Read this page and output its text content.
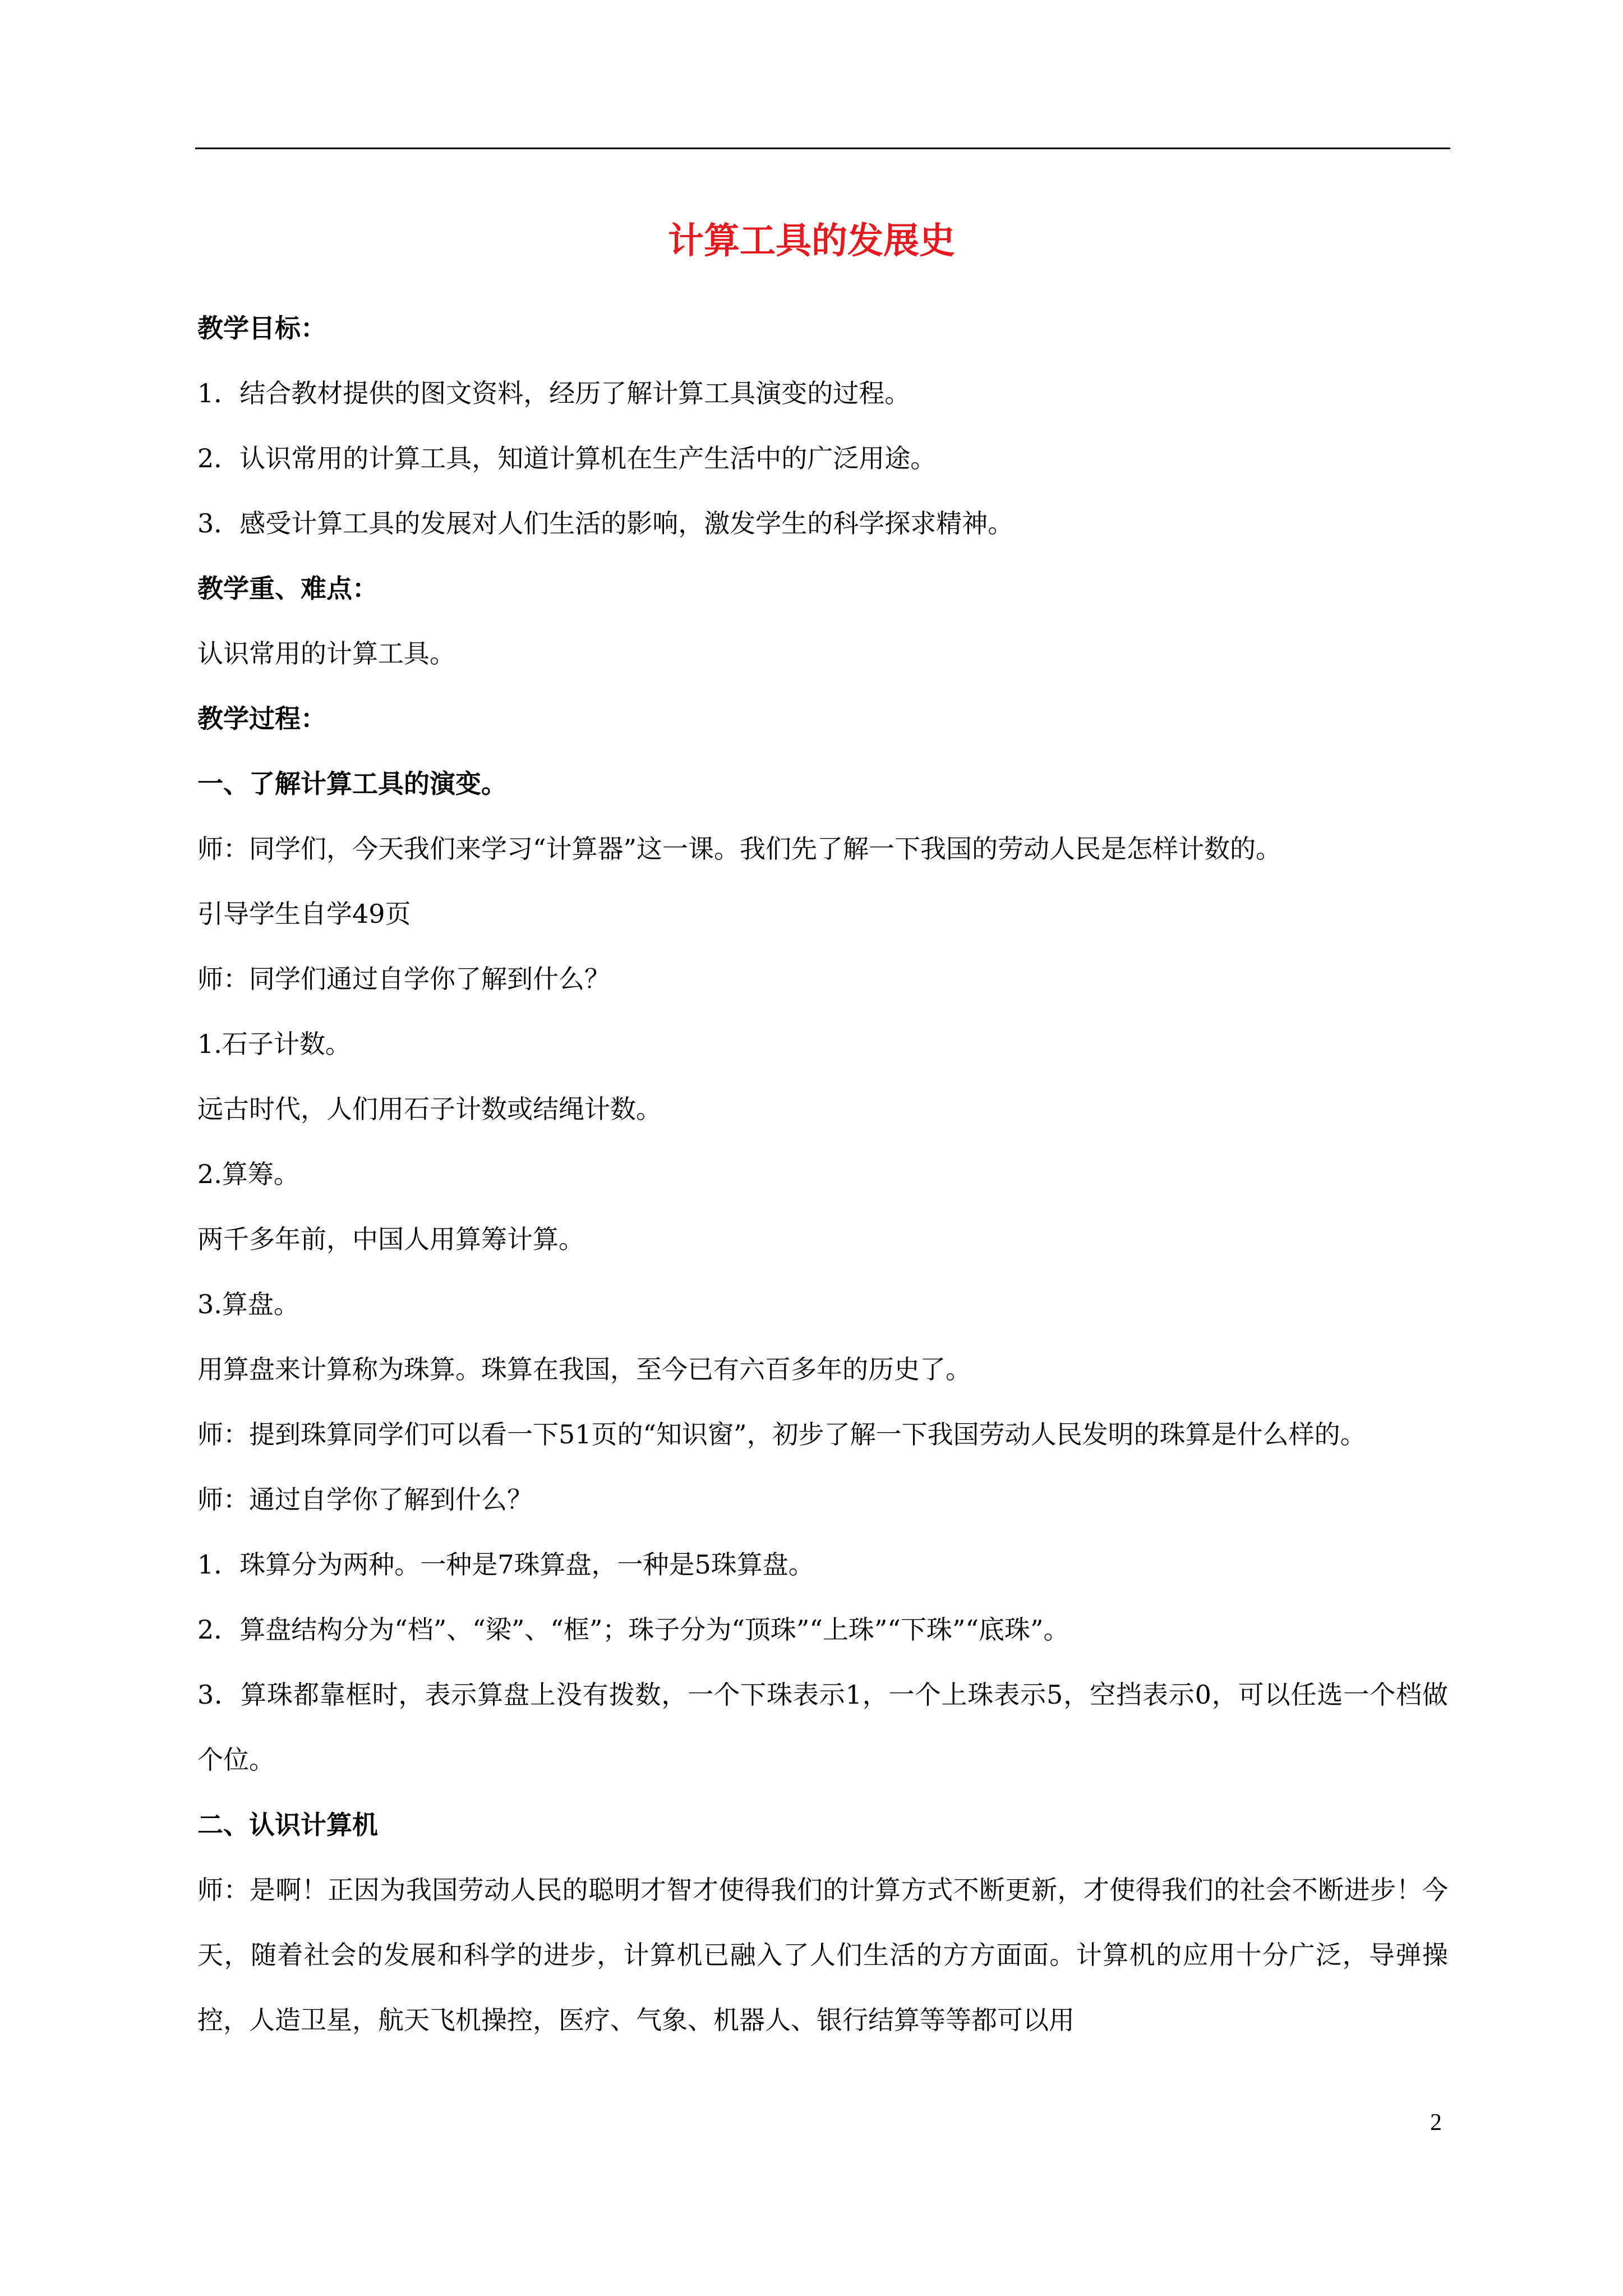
计算工具的发展史

教学目标：

1．结合教材提供的图文资料，经历了解计算工具演变的过程。

2．认识常用的计算工具，知道计算机在生产生活中的广泛用途。

3．感受计算工具的发展对人们生活的影响，激发学生的科学探求精神。

教学重、难点：

认识常用的计算工具。

教学过程：

一、了解计算工具的演变。

师：同学们，今天我们来学习“计算器”这一课。我们先了解一下我国的劳动人民是怎样计数的。

引导学生自学49页

师：同学们通过自学你了解到什么？

1.石子计数。

远古时代，人们用石子计数或结绳计数。

2.算筹。

两千多年前，中国人用算筹计算。

3.算盘。

用算盘来计算称为珠算。珠算在我国，至今已有六百多年的历史了。

师：提到珠算同学们可以看一下51页的“知识窗”，初步了解一下我国劳动人民发明的珠算是什么样的。

师：通过自学你了解到什么？

1．珠算分为两种。一种是7珠算盘，一种是5珠算盘。

2．算盘结构分为“档”、“梁”、“框”；珠子分为“顶珠”“上珠”“下珠”“底珠”。

3．算珠都靠框时，表示算盘上没有拨数，一个下珠表示1，一个上珠表示5，空挡表示0，可以任选一个档做个位。

二、认识计算机

师：是啊！正因为我国劳动人民的聪明才智才使得我们的计算方式不断更新，才使得我们的社会不断进步！今天，随着社会的发展和科学的进步，计算机已融入了人们生活的方方面面。计算机的应用十分广泛，导弹操控，人造卫星，航天飞机操控，医疗、气象、机器人、银行结算等等都可以用

2
